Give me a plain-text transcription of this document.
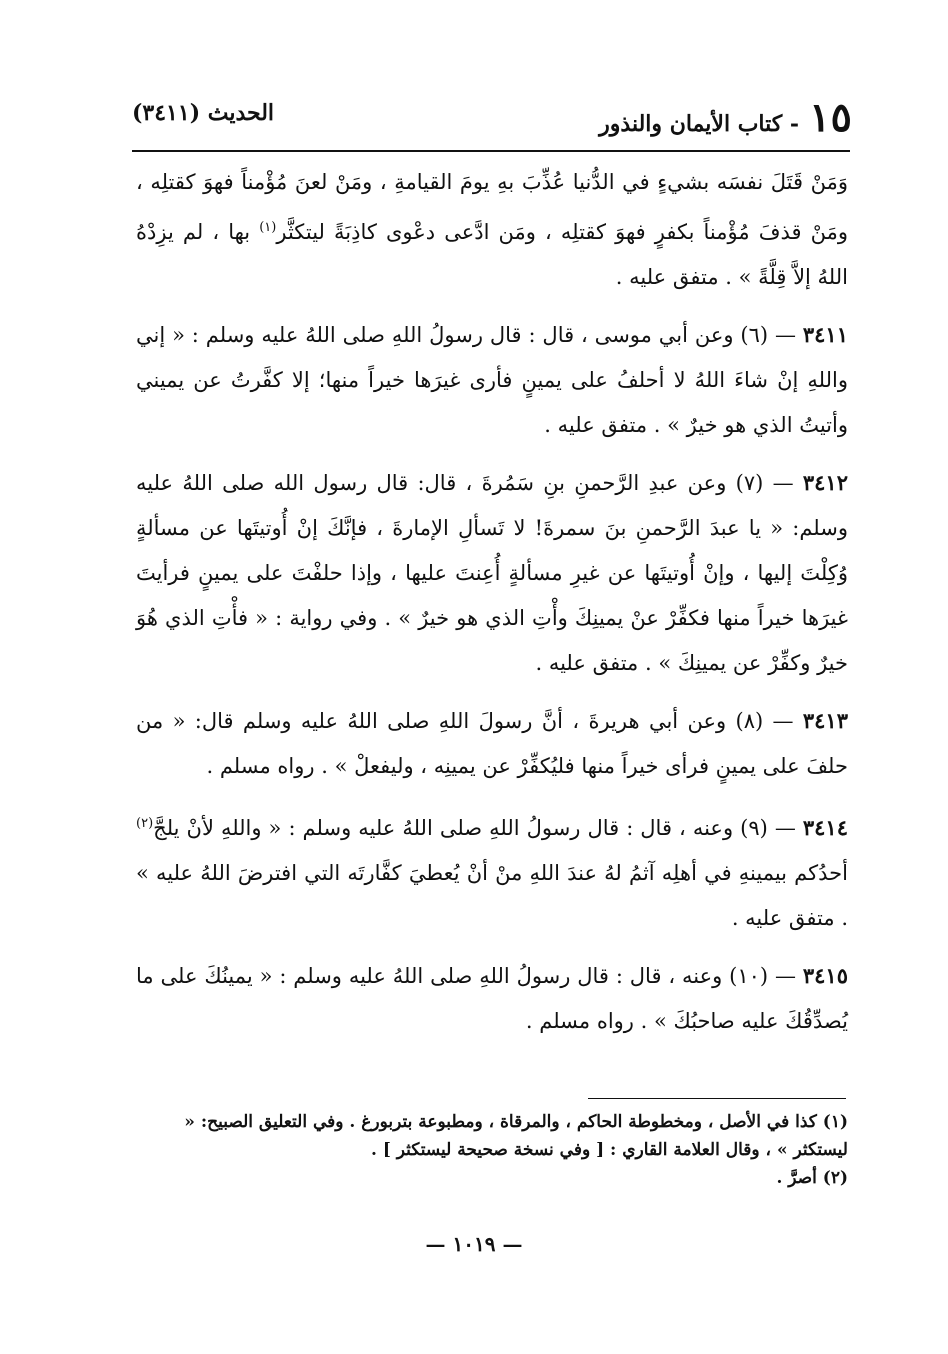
١٥
- كتاب الأيمان والنذور
الحديث (٣٤١١)

وَمَنْ قَتَلَ نفسَه بشيءٍ في الدُّنيا عُذِّبَ بهِ يومَ القيامةِ ، ومَنْ لعنَ مُؤْمناً فهوَ كقتلِه ، ومَنْ قذفَ مُؤْمناً بكفرٍ فهوَ كقتلِه ، ومَن ادَّعى دعْوى كاذِبَةً ليتكثَّر$^{(١)}$ بها ، لم يزِدْهُ اللهُ إلاَّ قِلَّةً » . متفق عليه .

٣٤١١ — (٦) وعن أبي موسى ، قال : قال رسولُ اللهِ صلى اللهُ عليه وسلم : « إني واللهِ إنْ شاءَ اللهُ لا أحلفُ على يمينٍ فأرى غيرَها خيراً منها؛ إلا كفَّرتُ عن يميني وأتيتُ الذي هو خيرٌ » . متفق عليه .

٣٤١٢ — (٧) وعن عبدِ الرَّحمنِ بنِ سَمُرةَ ، قال: قال رسول الله صلى اللهُ عليه وسلم: « يا عبدَ الرَّحمنِ بنَ سمرةَ! لا تَسألِ الإمارةَ ، فإنَّكَ إنْ أُوتيتَها عن مسألةٍ وُكِلْتَ إليها ، وإنْ أُوتيتَها عن غيرِ مسألةٍ أُعِنتَ عليها ، وإذا حلفْتَ على يمينٍ فرأيتَ غيرَها خيراً منها فكفِّرْ عنْ يمينِكَ وأْتِ الذي هو خيرٌ » . وفي رواية : « فأْتِ الذي هُوَ خيرٌ وكفِّرْ عن يمينِكَ » . متفق عليه .

٣٤١٣ — (٨) وعن أبي هريرةَ ، أنَّ رسولَ اللهِ صلى اللهُ عليه وسلم قال: « من حلفَ على يمينٍ فرأى خيراً منها فليُكفِّرْ عن يمينِه ، وليفعلْ » . رواه مسلم .

٣٤١٤ — (٩) وعنه ، قال : قال رسولُ اللهِ صلى اللهُ عليه وسلم : « واللهِ لأنْ يلجَّ$^{(٢)}$ أحدُكم بيمينهِ في أهلِه آثمُ لهُ عندَ اللهِ منْ أنْ يُعطيَ كفَّارتَه التي افترضَ اللهُ عليه » . متفق عليه .

٣٤١٥ — (١٠) وعنه ، قال : قال رسولُ اللهِ صلى اللهُ عليه وسلم : « يمينُكَ على ما يُصدِّقُكَ عليه صاحبُكَ » . رواه مسلم .

(١) كذا في الأصل ، ومخطوطة الحاكم ، والمرقاة ، ومطبوعة بتربورغ . وفي التعليق الصبيح: « ليستكثر » ، وقال العلامة القاري : [ وفي نسخة صحيحة ليستكثر ] .

(٢) أصرَّ .

— ١٠١٩ —
